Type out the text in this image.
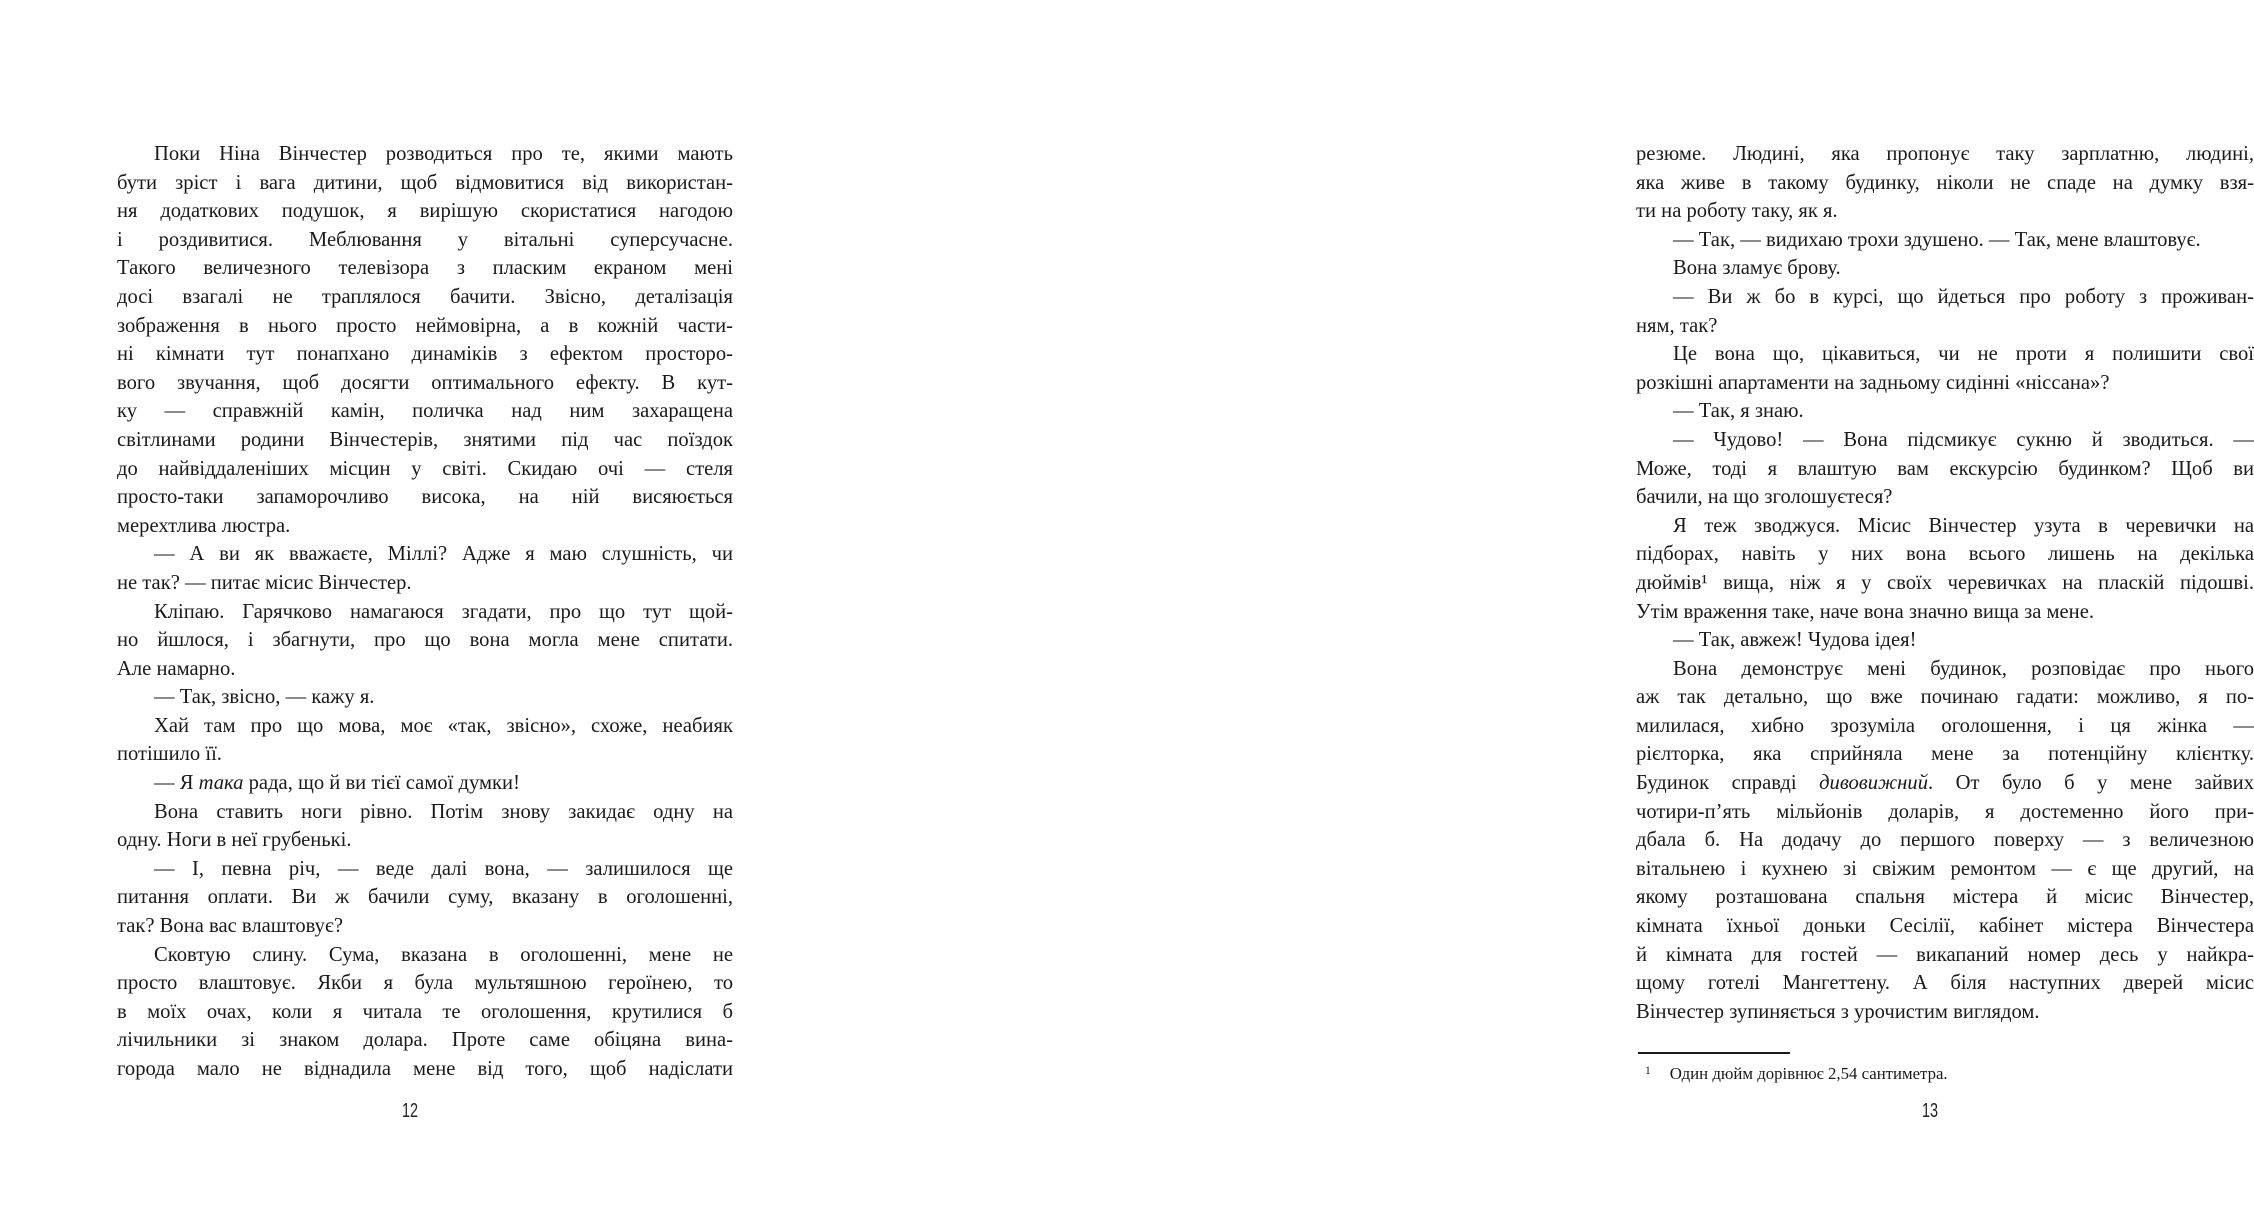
Поки Ніна Вінчестер розводиться про те, якими мають
бути зріст і вага дитини, щоб відмовитися від використан-
ня додаткових подушок, я вирішую скористатися нагодою
і роздивитися. Меблювання у вітальні суперсучасне.
Такого величезного телевізора з пласким екраном мені
досі взагалі не траплялося бачити. Звісно, деталізація
зображення в нього просто неймовірна, а в кожній части-
ні кімнати тут понапхано динаміків з ефектом просторо-
вого звучання, щоб досягти оптимального ефекту. В кут-
ку — справжній камін, поличка над ним захаращена
світлинами родини Вінчестерів, знятими під час поїздок
до найвіддаленіших місцин у світі. Скидаю очі — стеля
просто-таки запаморочливо висока, на ній висяюється
мерехтлива люстра.
— А ви як вважаєте, Міллі? Адже я маю слушність, чи
не так? — питає місис Вінчестер.
Кліпаю. Гарячково намагаюся згадати, про що тут щой-
но йшлося, і збагнути, про що вона могла мене спитати.
Але намарно.
— Так, звісно, — кажу я.
Хай там про що мова, моє «так, звісно», схоже, неабияк
потішило її.
— Я така рада, що й ви тієї самої думки!
Вона ставить ноги рівно. Потім знову закидає одну на
одну. Ноги в неї грубенькі.
— І, певна річ, — веде далі вона, — залишилося ще
питання оплати. Ви ж бачили суму, вказану в оголошенні,
так? Вона вас влаштовує?
Сковтую слину. Сума, вказана в оголошенні, мене не
просто влаштовує. Якби я була мультяшною героїнею, то
в моїх очах, коли я читала те оголошення, крутилися б
лічильники зі знаком долара. Проте саме обіцяна вина-
города мало не віднадила мене від того, щоб надіслати
12
резюме. Людині, яка пропонує таку зарплатню, людині,
яка живе в такому будинку, ніколи не спаде на думку взя-
ти на роботу таку, як я.
— Так, — видихаю трохи здушено. — Так, мене влаштовує.
Вона зламує брову.
— Ви ж бо в курсі, що йдеться про роботу з проживан-
ням, так?
Це вона що, цікавиться, чи не проти я полишити свої
розкішні апартаменти на задньому сидінні «ніссана»?
— Так, я знаю.
— Чудово! — Вона підсмикує сукню й зводиться. —
Може, тоді я влаштую вам екскурсію будинком? Щоб ви
бачили, на що зголошуєтеся?
Я теж зводжуся. Місис Вінчестер узута в черевички на
підборах, навіть у них вона всього лишень на декілька
дюймів¹ вища, ніж я у своїх черевичках на пласкій підошві.
Утім враження таке, наче вона значно вища за мене.
— Так, авжеж! Чудова ідея!
Вона демонструє мені будинок, розповідає про нього
аж так детально, що вже починаю гадати: можливо, я по-
милилася, хибно зрозуміла оголошення, і ця жінка —
рієлторка, яка сприйняла мене за потенційну клієнтку.
Будинок справді дивовижний. От було б у мене зайвих
чотири-п’ять мільйонів доларів, я достеменно його при-
дбала б. На додачу до першого поверху — з величезною
вітальнею і кухнею зі свіжим ремонтом — є ще другий, на
якому розташована спальня містера й місис Вінчестер,
кімната їхньої доньки Сесілії, кабінет містера Вінчестера
й кімната для гостей — викапаний номер десь у найкра-
щому готелі Мангеттену. А біля наступних дверей місис
Вінчестер зупиняється з урочистим виглядом.
1 Один дюйм дорівнює 2,54 сантиметра.
13
